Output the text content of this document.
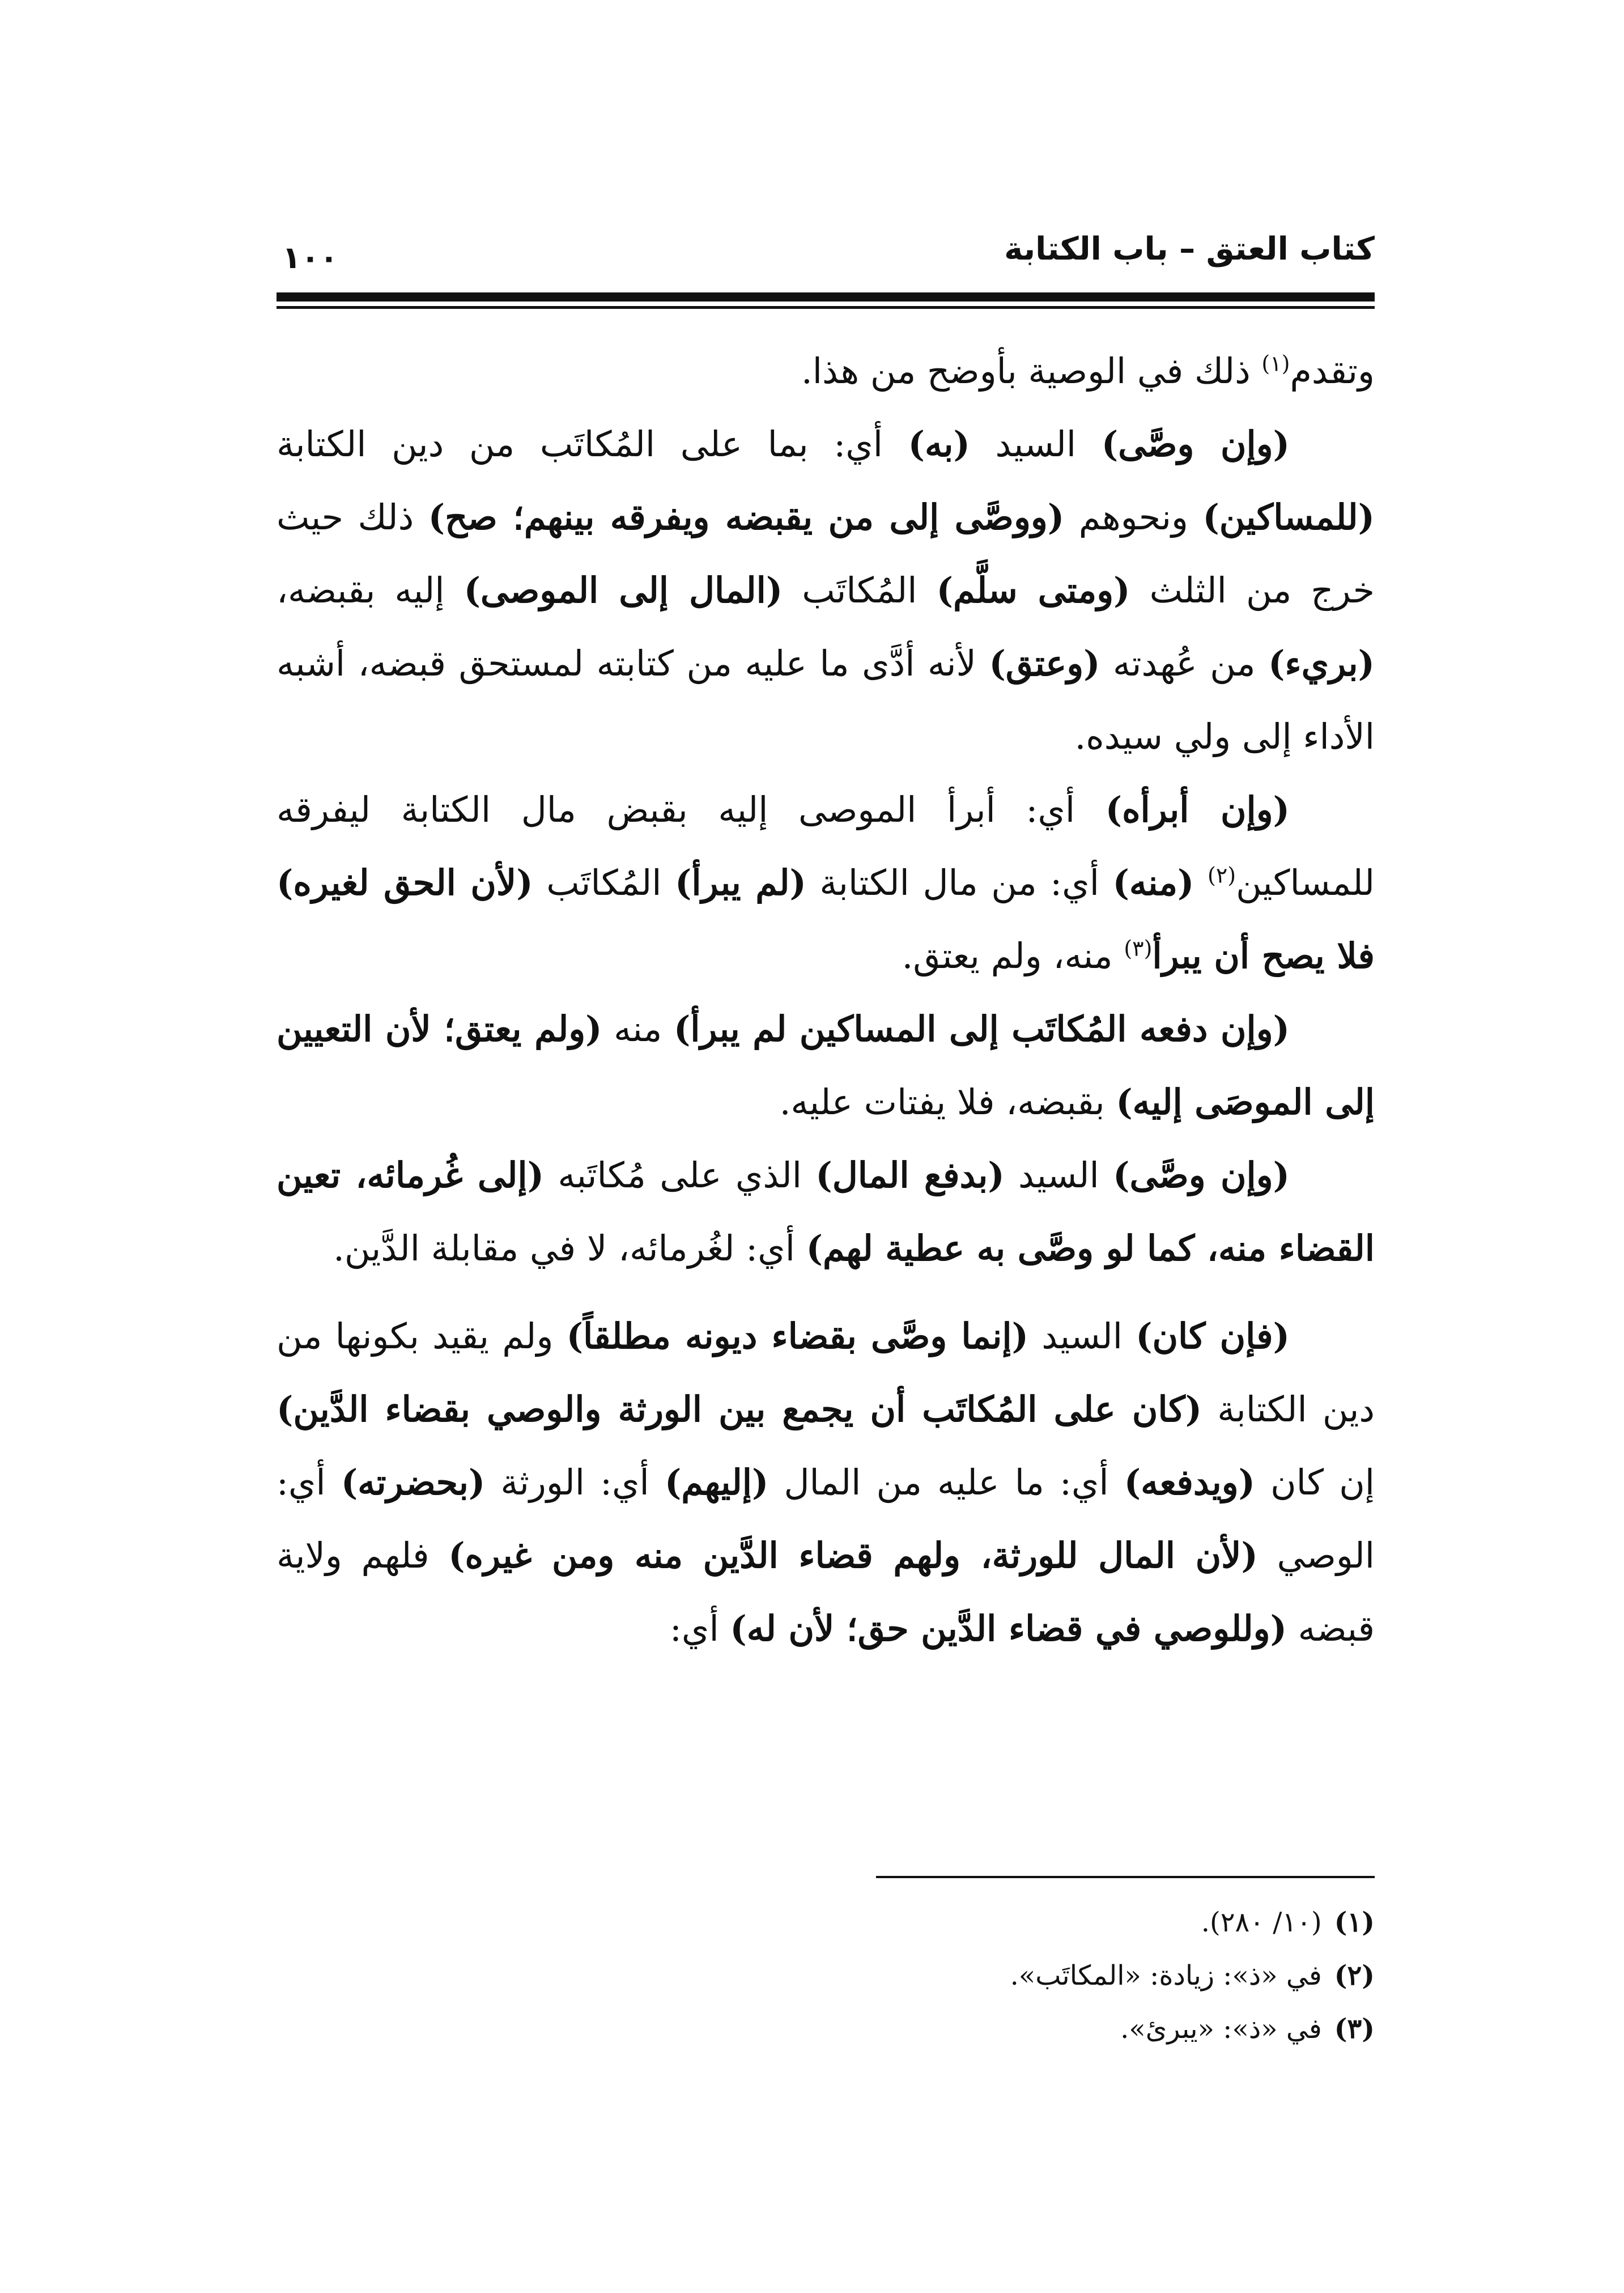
كتاب العتق – باب الكتابة
١٠٠

وتقدم$^{(١)}$ ذلك في الوصية بأوضح من هذا.

(وإن وصَّى) السيد (به) أي: بما على المُكاتَب من دين الكتابة (للمساكين) ونحوهم (ووصَّى إلى من يقبضه ويفرقه بينهم؛ صح) ذلك حيث خرج من الثلث (ومتى سلَّم) المُكاتَب (المال إلى الموصى) إليه بقبضه، (بريء) من عُهدته (وعتق) لأنه أدَّى ما عليه من كتابته لمستحق قبضه، أشبه الأداء إلى ولي سيده.

(وإن أبرأه) أي: أبرأ الموصى إليه بقبض مال الكتابة ليفرقه للمساكين$^{(٢)}$ (منه) أي: من مال الكتابة (لم يبرأ) المُكاتَب (لأن الحق لغيره) فلا يصح أن يبرأ$^{(٣)}$ منه، ولم يعتق.

(وإن دفعه المُكاتَب إلى المساكين لم يبرأ) منه (ولم يعتق؛ لأن التعيين إلى الموصَى إليه) بقبضه، فلا يفتات عليه.

(وإن وصَّى) السيد (بدفع المال) الذي على مُكاتَبه (إلى غُرمائه، تعين القضاء منه، كما لو وصَّى به عطية لهم) أي: لغُرمائه، لا في مقابلة الدَّين.

(فإن كان) السيد (إنما وصَّى بقضاء ديونه مطلقاً) ولم يقيد بكونها من دين الكتابة (كان على المُكاتَب أن يجمع بين الورثة والوصي بقضاء الدَّين) إن كان (ويدفعه) أي: ما عليه من المال (إليهم) أي: الورثة (بحضرته) أي: الوصي (لأن المال للورثة، ولهم قضاء الدَّين منه ومن غيره) فلهم ولاية قبضه (وللوصي في قضاء الدَّين حق؛ لأن له) أي:

(١)(١٠/ ٢٨٠).
(٢)في «ذ»: زيادة: «المكاتَب».
(٣)في «ذ»: «يبرئ».
